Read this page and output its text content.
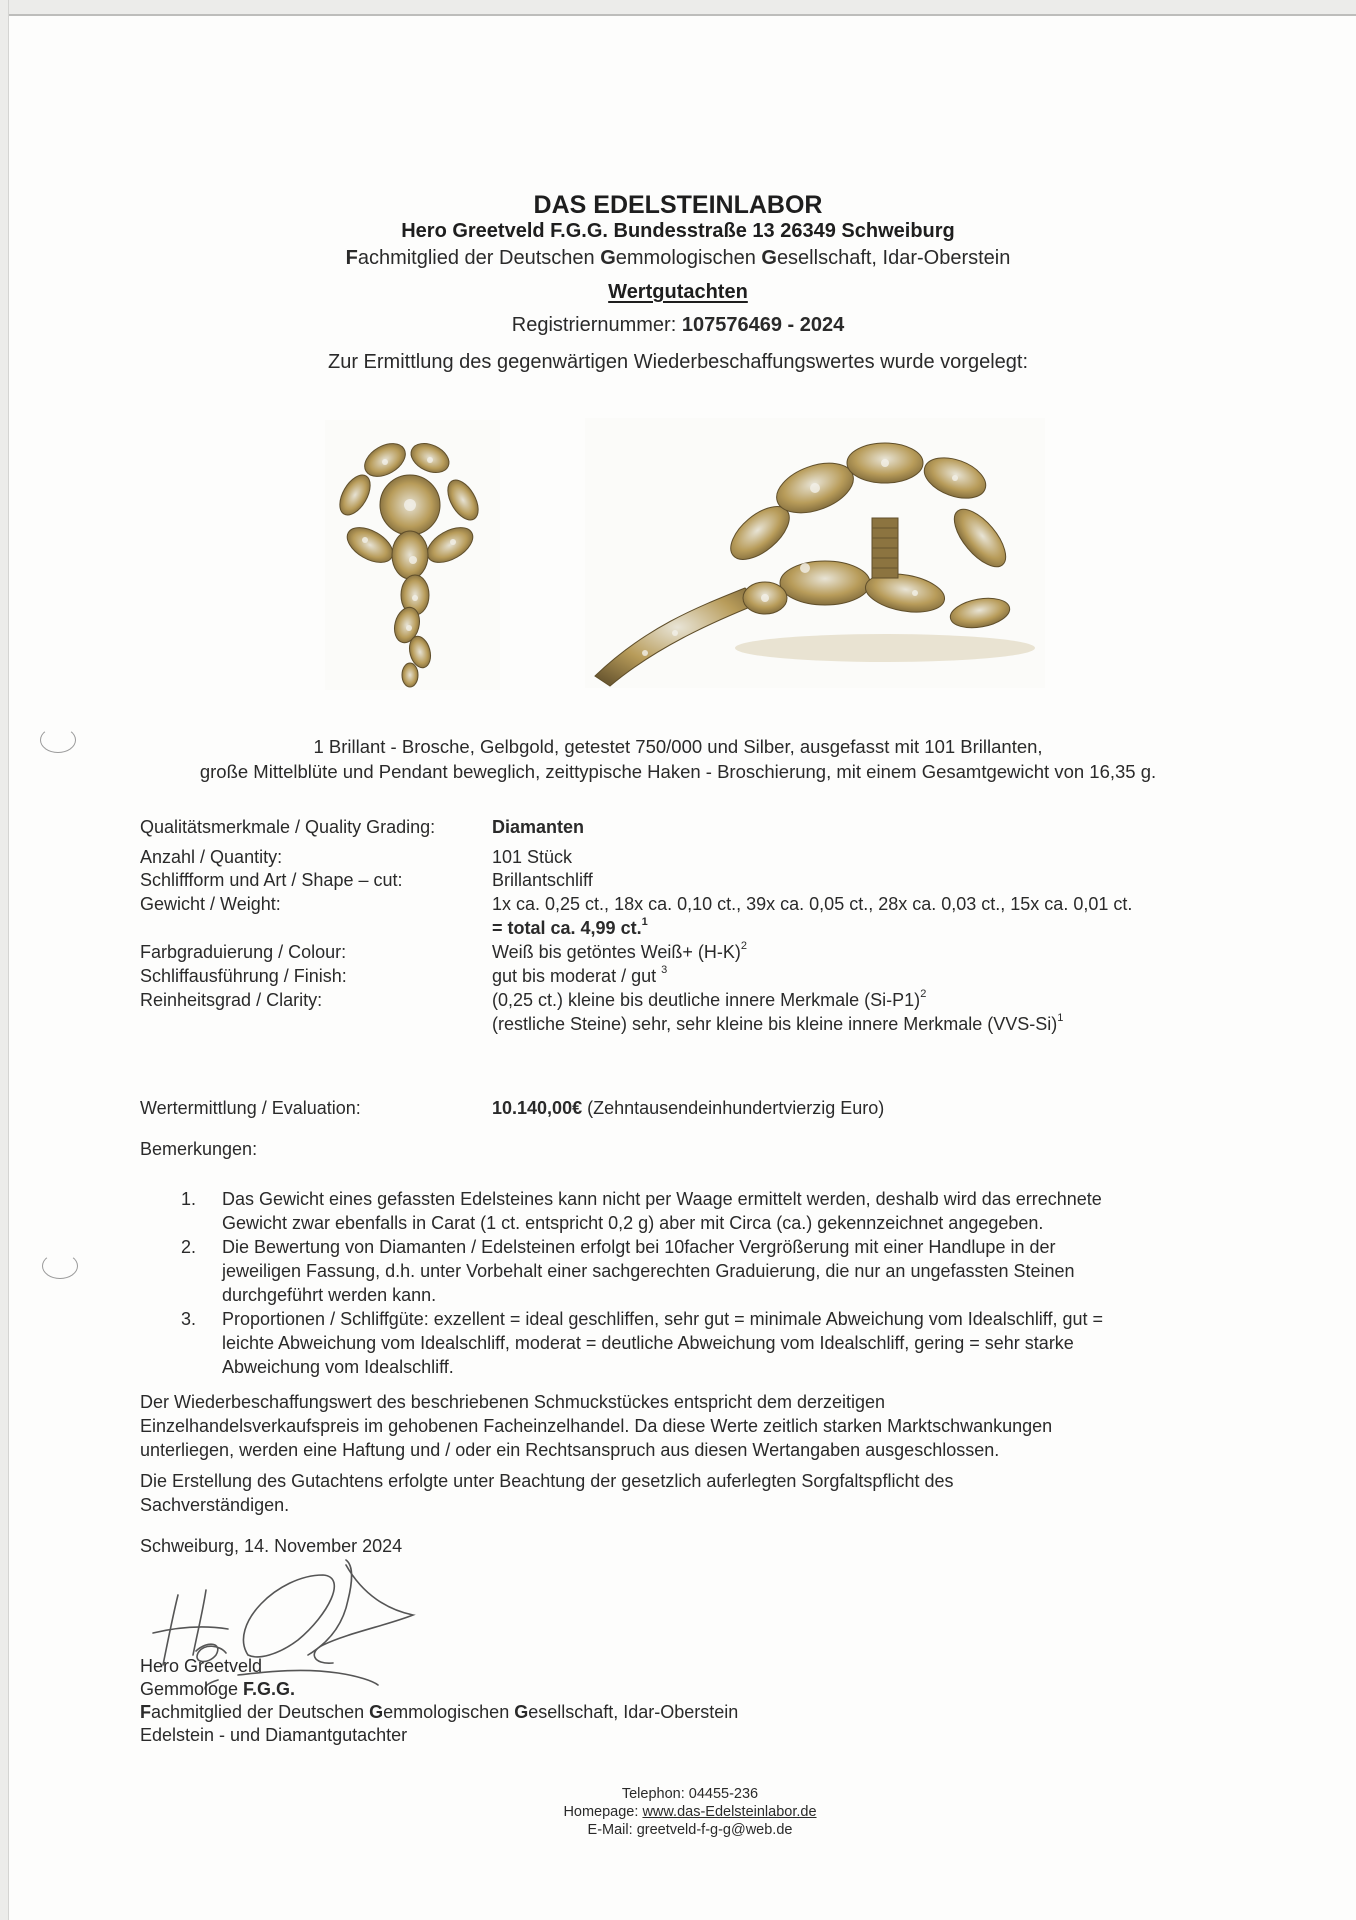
DAS EDELSTEINLABOR
Hero Greetveld F.G.G. Bundesstraße 13 26349 Schweiburg
Fachmitglied der Deutschen Gemmologischen Gesellschaft, Idar-Oberstein
Wertgutachten
Registriernummer: 107576469 - 2024
Zur Ermittlung des gegenwärtigen Wiederbeschaffungswertes wurde vorgelegt:
1 Brillant - Brosche, Gelbgold, getestet 750/000 und Silber, ausgefasst mit 101 Brillanten,
große Mittelblüte und Pendant beweglich, zeittypische Haken - Broschierung, mit einem Gesamtgewicht von 16,35 g.
Qualitätsmerkmale / Quality Grading:	Diamanten
Anzahl / Quantity:	101 Stück
Schliffform und Art / Shape – cut:	Brillantschliff
Gewicht / Weight:	1x ca. 0,25 ct., 18x ca. 0,10 ct., 39x ca. 0,05 ct., 28x ca. 0,03 ct., 15x ca. 0,01 ct.
= total ca. 4,99 ct.$^1$
Farbgraduierung / Colour:	Weiß bis getöntes Weiß+ $(H-K)^2$
Schliffausführung / Finish:	gut bis moderat / gut $^3$
Reinheitsgrad / Clarity:	(0,25 ct.) kleine bis deutliche innere Merkmale $(Si-P1)^2$
(restliche Steine) sehr, sehr kleine bis kleine innere Merkmale $(VVS-Si)^1$
Wertermittlung / Evaluation:	10.140,00€ (Zehntausendeinhundertvierzig Euro)
Bemerkungen:
1. Das Gewicht eines gefassten Edelsteines kann nicht per Waage ermittelt werden, deshalb wird das errechnete
Gewicht zwar ebenfalls in Carat (1 ct. entspricht 0,2 g) aber mit Circa (ca.) gekennzeichnet angegeben.
2. Die Bewertung von Diamanten / Edelsteinen erfolgt bei 10facher Vergrößerung mit einer Handlupe in der
jeweiligen Fassung, d.h. unter Vorbehalt einer sachgerechten Graduierung, die nur an ungefassten Steinen
durchgeführt werden kann.
3. Proportionen / Schliffgüte: exzellent = ideal geschliffen, sehr gut = minimale Abweichung vom Idealschliff, gut =
leichte Abweichung vom Idealschliff, moderat = deutliche Abweichung vom Idealschliff, gering = sehr starke
Abweichung vom Idealschliff.
Der Wiederbeschaffungswert des beschriebenen Schmuckstückes entspricht dem derzeitigen
Einzelhandelsverkaufspreis im gehobenen Facheinzelhandel. Da diese Werte zeitlich starken Marktschwankungen
unterliegen, werden eine Haftung und / oder ein Rechtsanspruch aus diesen Wertangaben ausgeschlossen.
Die Erstellung des Gutachtens erfolgte unter Beachtung der gesetzlich auferlegten Sorgfaltspflicht des
Sachverständigen.
Schweiburg, 14. November 2024
Hero Greetveld
Gemmologe F.G.G.
Fachmitglied der Deutschen Gemmologischen Gesellschaft, Idar-Oberstein
Edelstein - und Diamantgutachter
Telephon: 04455-236
Homepage: www.das-Edelsteinlabor.de
E-Mail: greetveld-f-g-g@web.de
